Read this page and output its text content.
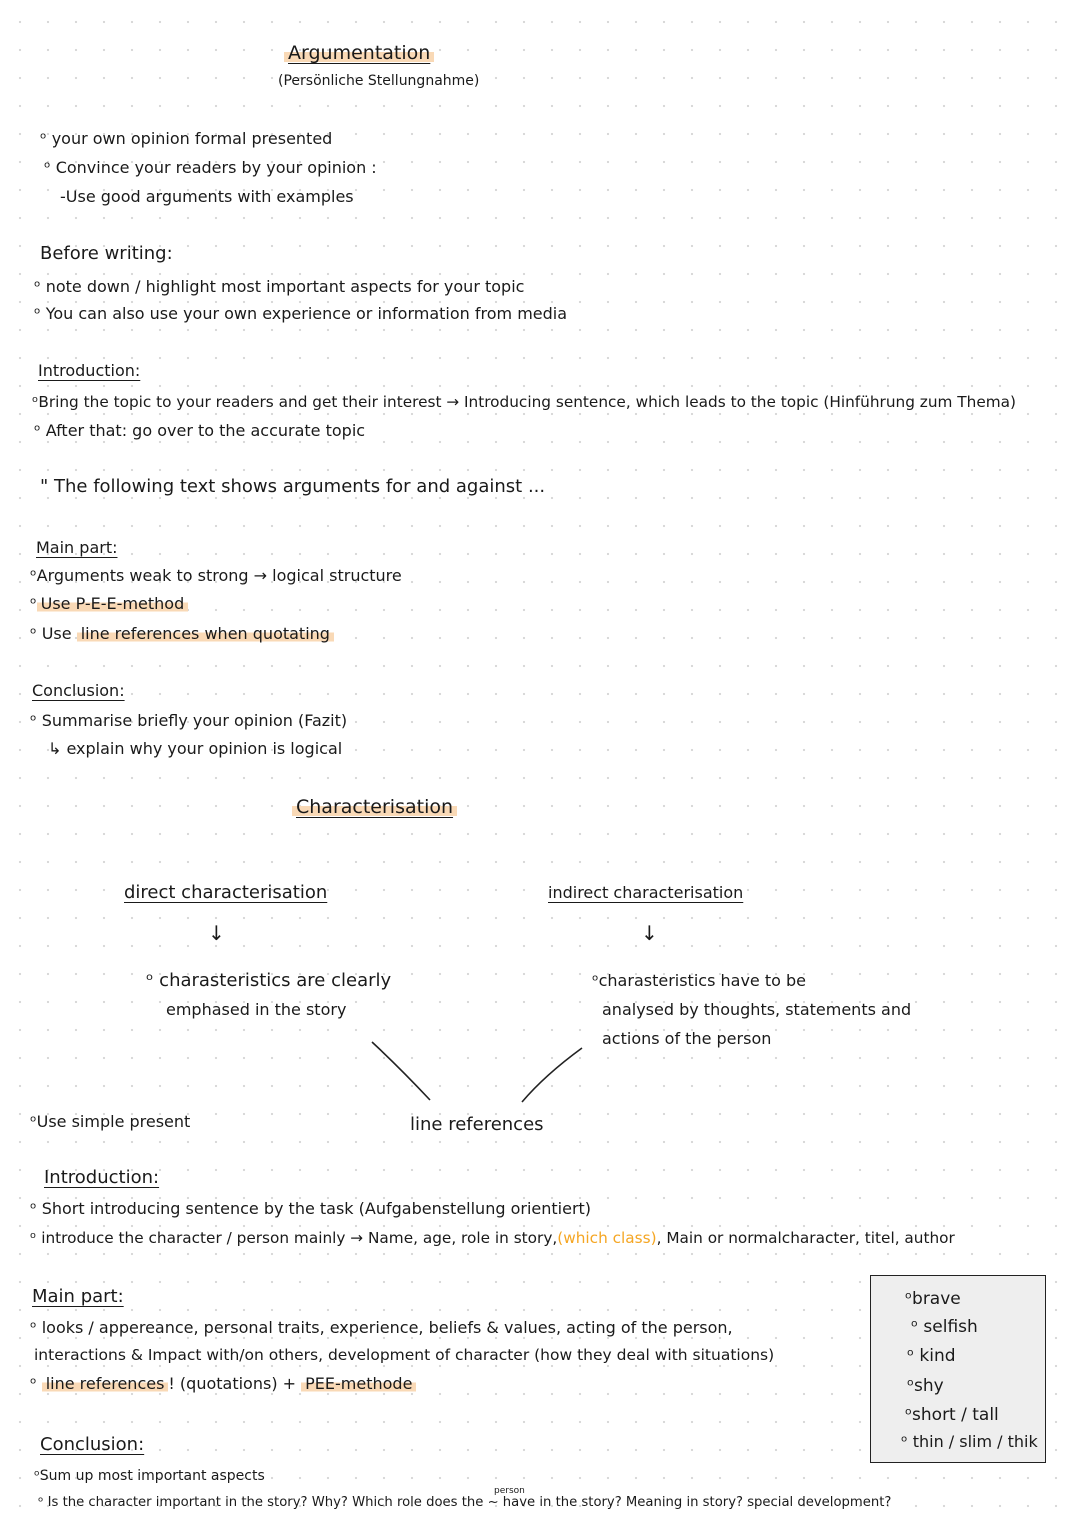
Argumentation
(Persönliche Stellungnahme)
ᵒ your own opinion formal presented
ᵒ Convince your readers by your opinion :
-Use good arguments with examples
Before writing:
ᵒ note down / highlight most important aspects for your topic
ᵒ You can also use your own experience or information from media
Introduction:
ᵒBring the topic to your readers and get their interest → Introducing sentence, which leads to the topic (Hinführung zum Thema)
ᵒ After that: go over to the accurate topic
" The following text shows arguments for and against ...
Main part:
ᵒArguments weak to strong → logical structure
ᵒ Use P-E-E-method
ᵒ Use line references when quotating
Conclusion:
ᵒ Summarise briefly your opinion (Fazit)
↳ explain why your opinion is logical
Characterisation
direct characterisation
↓
ᵒ charasteristics are clearly
emphased in the story
indirect characterisation
↓
ᵒcharasteristics have to be
analysed by thoughts, statements and
actions of the person
ᵒUse simple present	line references
Introduction:
ᵒ Short introducing sentence by the task (Aufgabenstellung orientiert)
ᵒ introduce the character / person mainly → Name, age, role in story,(which class), Main or normalcharacter, titel, author
Main part:
ᵒ looks / appereance, personal traits, experience, beliefs & values, acting of the person,
interactions & Impact with/on others, development of character (how they deal with situations)
ᵒ line references ! (quotations) + PEE-methode
ᵒbrave
ᵒ selfish
ᵒ kind
ᵒshy
ᵒshort / tall
ᵒ thin / slim / thik
Conclusion:
ᵒSum up most important aspects
person
ᵒ Is the character important in the story? Why? Which role does the ~ have in the story? Meaning in story? special development?
